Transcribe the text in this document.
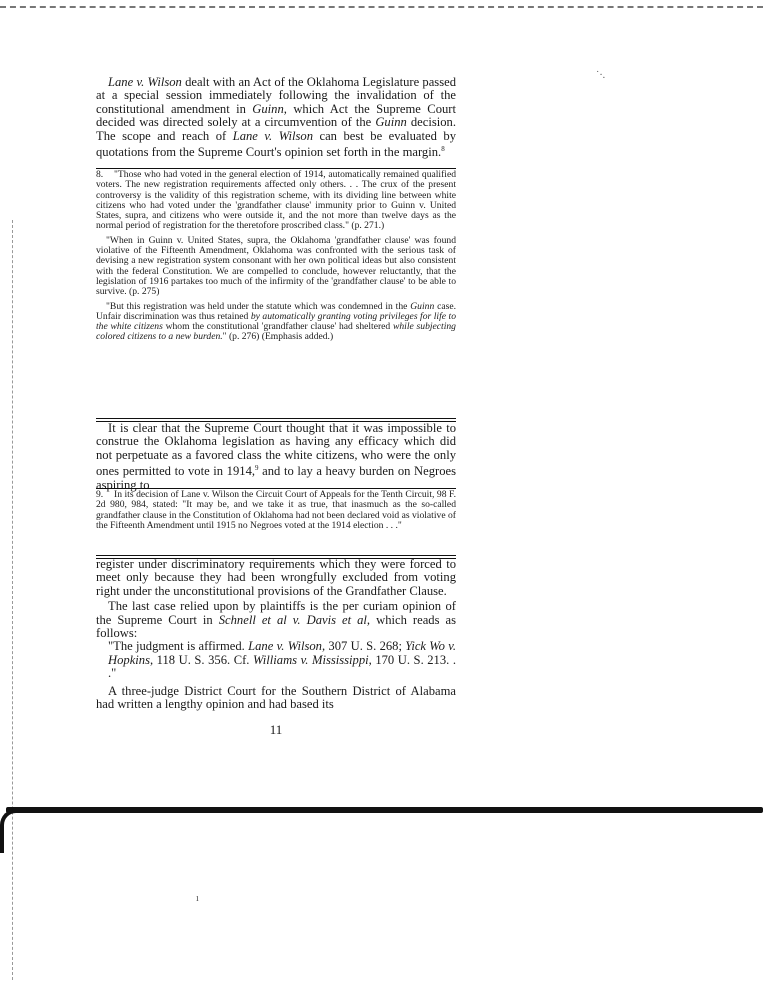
˙·.

Lane v. Wilson dealt with an Act of the Oklahoma Legislature passed at a special session immediately following the invalidation of the constitutional amendment in Guinn, which Act the Supreme Court decided was directed solely at a circumvention of the Guinn decision. The scope and reach of Lane v. Wilson can best be evaluated by quotations from the Supreme Court's opinion set forth in the margin.$^8$

8. "Those who had voted in the general election of 1914, automatically remained qualified voters. The new registration requirements affected only others. . . The crux of the present controversy is the validity of this registration scheme, with its dividing line between white citizens who had voted under the 'grandfather clause' immunity prior to Guinn v. United States, supra, and citizens who were outside it, and the not more than twelve days as the normal period of registration for the theretofore proscribed class." (p. 271.)

"When in Guinn v. United States, supra, the Oklahoma 'grandfather clause' was found violative of the Fifteenth Amendment, Oklahoma was confronted with the serious task of devising a new registration system consonant with her own political ideas but also consistent with the federal Constitution. We are compelled to conclude, however reluctantly, that the legislation of 1916 partakes too much of the infirmity of the 'grandfather clause' to be able to survive. (p. 275)

"But this registration was held under the statute which was condemned in the Guinn case. Unfair discrimination was thus retained by automatically granting voting privileges for life to the white citizens whom the constitutional 'grandfather clause' had sheltered while subjecting colored citizens to a new burden." (p. 276) (Emphasis added.)

It is clear that the Supreme Court thought that it was impossible to construe the Oklahoma legislation as having any efficacy which did not perpetuate as a favored class the white citizens, who were the only ones permitted to vote in 1914,$^9$ and to lay a heavy burden on Negroes aspiring to

9. In its decision of Lane v. Wilson the Circuit Court of Appeals for the Tenth Circuit, 98 F. 2d 980, 984, stated: "It may be, and we take it as true, that inasmuch as the so-called grandfather clause in the Constitution of Oklahoma had not been declared void as violative of the Fifteenth Amendment until 1915 no Negroes voted at the 1914 election . . ."

register under discriminatory requirements which they were forced to meet only because they had been wrongfully excluded from voting right under the unconstitutional provisions of the Grandfather Clause.

The last case relied upon by plaintiffs is the per curiam opinion of the Supreme Court in Schnell et al v. Davis et al, which reads as follows:

"The judgment is affirmed. Lane v. Wilson, 307 U. S. 268; Yick Wo v. Hopkins, 118 U. S. 356. Cf. Williams v. Mississippi, 170 U. S. 213. . ."

A three-judge District Court for the Southern District of Alabama had written a lengthy opinion and had based its

11
ı
